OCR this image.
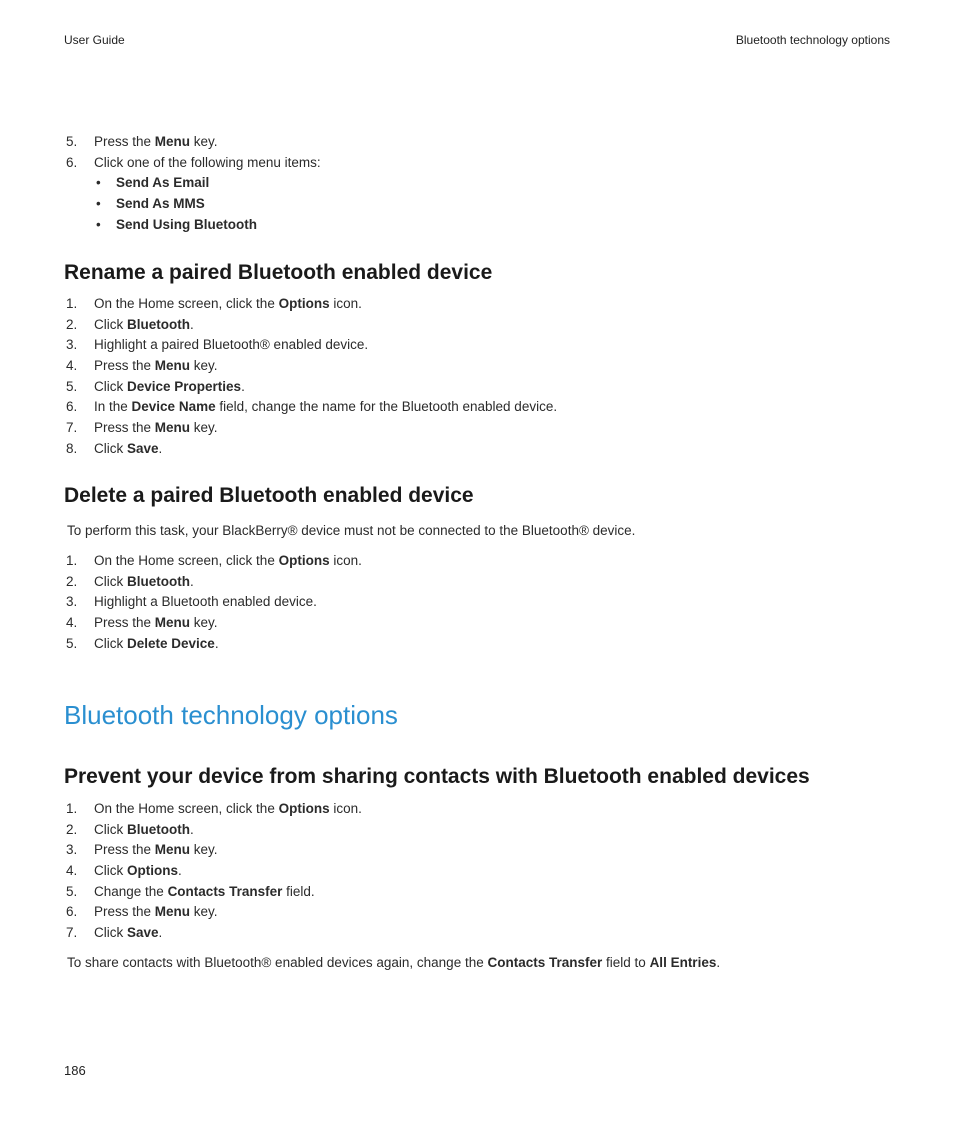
User Guide	Bluetooth technology options
5.	Press the Menu key.
6.	Click one of the following menu items:
• Send As Email
• Send As MMS
• Send Using Bluetooth
Rename a paired Bluetooth enabled device
1.	On the Home screen, click the Options icon.
2.	Click Bluetooth.
3.	Highlight a paired Bluetooth® enabled device.
4.	Press the Menu key.
5.	Click Device Properties.
6.	In the Device Name field, change the name for the Bluetooth enabled device.
7.	Press the Menu key.
8.	Click Save.
Delete a paired Bluetooth enabled device

To perform this task, your BlackBerry® device must not be connected to the Bluetooth® device.

1.	On the Home screen, click the Options icon.
2.	Click Bluetooth.
3.	Highlight a Bluetooth enabled device.
4.	Press the Menu key.
5.	Click Delete Device.
Bluetooth technology options
Prevent your device from sharing contacts with Bluetooth enabled devices
1.	On the Home screen, click the Options icon.
2.	Click Bluetooth.
3.	Press the Menu key.
4.	Click Options.
5.	Change the Contacts Transfer field.
6.	Press the Menu key.
7.	Click Save.

To share contacts with Bluetooth® enabled devices again, change the Contacts Transfer field to All Entries.

186
